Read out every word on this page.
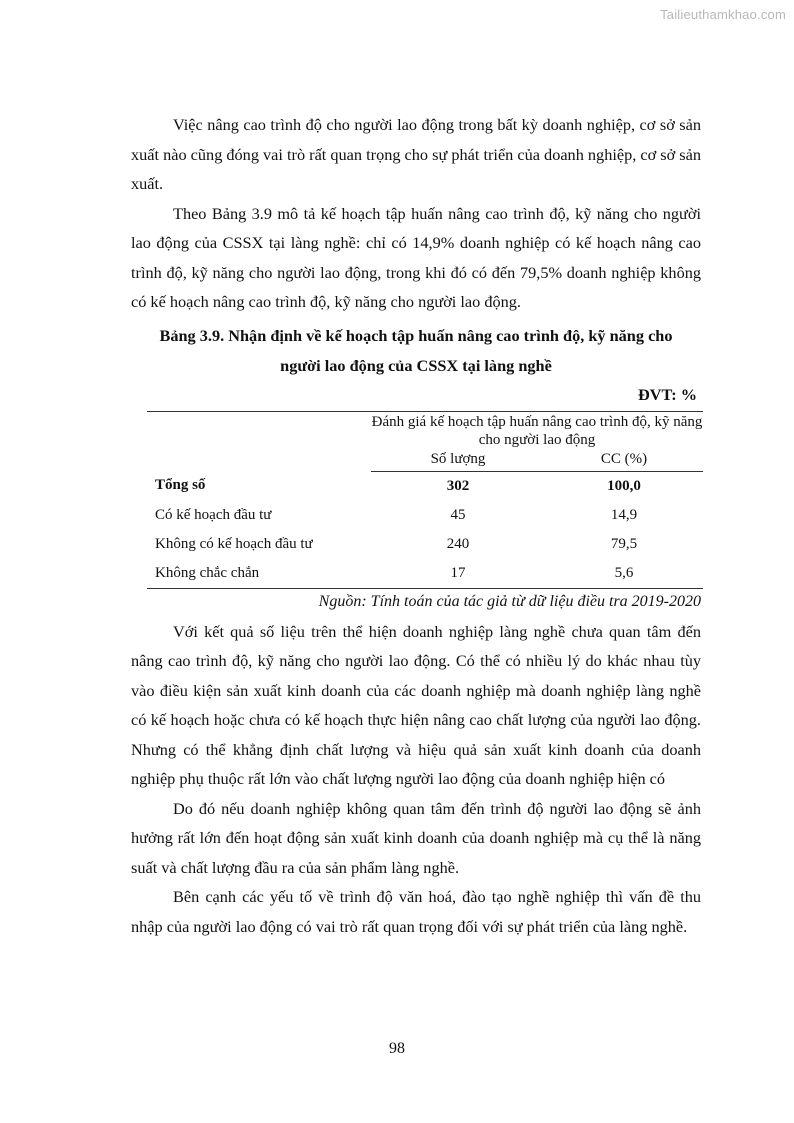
Tailieuthamkhao.com

Việc nâng cao trình độ cho người lao động trong bất kỳ doanh nghiệp, cơ sở sản xuất nào cũng đóng vai trò rất quan trọng cho sự phát triển của doanh nghiệp, cơ sở sản xuất.

Theo Bảng 3.9 mô tả kế hoạch tập huấn nâng cao trình độ, kỹ năng cho người lao động của CSSX tại làng nghề: chỉ có 14,9% doanh nghiệp có kế hoạch nâng cao trình độ, kỹ năng cho người lao động, trong khi đó có đến 79,5% doanh nghiệp không có kế hoạch nâng cao trình độ, kỹ năng cho người lao động.

Bảng 3.9. Nhận định về kế hoạch tập huấn nâng cao trình độ, kỹ năng cho
người lao động của CSSX tại làng nghề
ĐVT: %
	Đánh giá kế hoạch tập huấn nâng cao trình độ, kỹ năng cho người lao động	
	Số lượng	CC (%)
Tổng số	302	100,0
Có kế hoạch đầu tư	45	14,9
Không có kế hoạch đầu tư	240	79,5
Không chắc chắn	17	5,6
Nguồn: Tính toán của tác giả từ dữ liệu điều tra 2019-2020

Với kết quả số liệu trên thể hiện doanh nghiệp làng nghề chưa quan tâm đến nâng cao trình độ, kỹ năng cho người lao động. Có thể có nhiều lý do khác nhau tùy vào điều kiện sản xuất kinh doanh của các doanh nghiệp mà doanh nghiệp làng nghề có kế hoạch hoặc chưa có kế hoạch thực hiện nâng cao chất lượng của người lao động. Nhưng có thể khẳng định chất lượng và hiệu quả sản xuất kinh doanh của doanh nghiệp phụ thuộc rất lớn vào chất lượng người lao động của doanh nghiệp hiện có

Do đó nếu doanh nghiệp không quan tâm đến trình độ người lao động sẽ ảnh hưởng rất lớn đến hoạt động sản xuất kinh doanh của doanh nghiệp mà cụ thể là năng suất và chất lượng đầu ra của sản phẩm làng nghề.

Bên cạnh các yếu tố về trình độ văn hoá, đào tạo nghề nghiệp thì vấn đề thu nhập của người lao động có vai trò rất quan trọng đối với sự phát triển của làng nghề.

98
